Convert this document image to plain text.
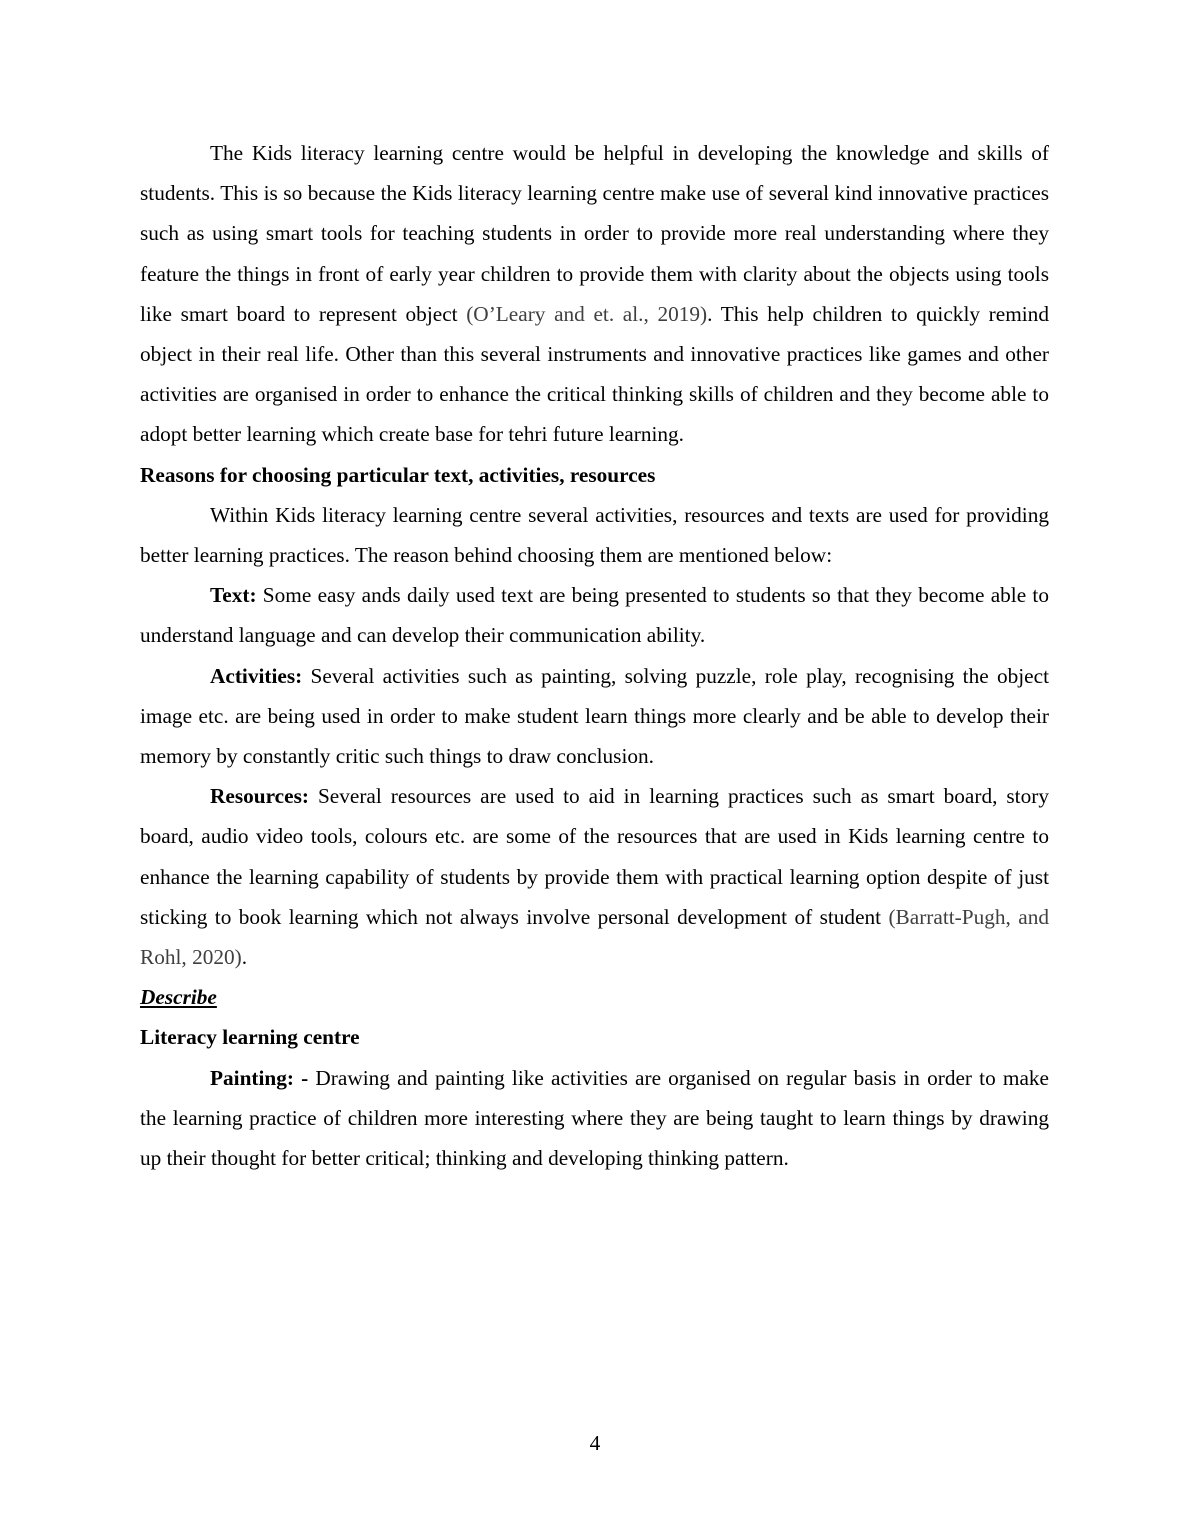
The Kids literacy learning centre would be helpful in developing the knowledge and skills of students. This is so because the Kids literacy learning centre make use of several kind innovative practices such as using smart tools for teaching students in order to provide more real understanding where they feature the things in front of early year children to provide them with clarity about the objects using tools like smart board to represent object (O’Leary and et. al., 2019). This help children to quickly remind object in their real life. Other than this several instruments and innovative practices like games and other activities are organised in order to enhance the critical thinking skills of children and they become able to adopt better learning which create base for tehri future learning.

Reasons for choosing particular text, activities, resources

Within Kids literacy learning centre several activities, resources and texts are used for providing better learning practices. The reason behind choosing them are mentioned below:

Text: Some easy ands daily used text are being presented to students so that they become able to understand language and can develop their communication ability.

Activities: Several activities such as painting, solving puzzle, role play, recognising the object image etc. are being used in order to make student learn things more clearly and be able to develop their memory by constantly critic such things to draw conclusion.

Resources: Several resources are used to aid in learning practices such as smart board, story board, audio video tools, colours etc. are some of the resources that are used in Kids learning centre to enhance the learning capability of students by provide them with practical learning option despite of just sticking to book learning which not always involve personal development of student (Barratt-Pugh, and Rohl, 2020).

Describe

Literacy learning centre

Painting: - Drawing and painting like activities are organised on regular basis in order to make the learning practice of children more interesting where they are being taught to learn things by drawing up their thought for better critical; thinking and developing thinking pattern.

4
